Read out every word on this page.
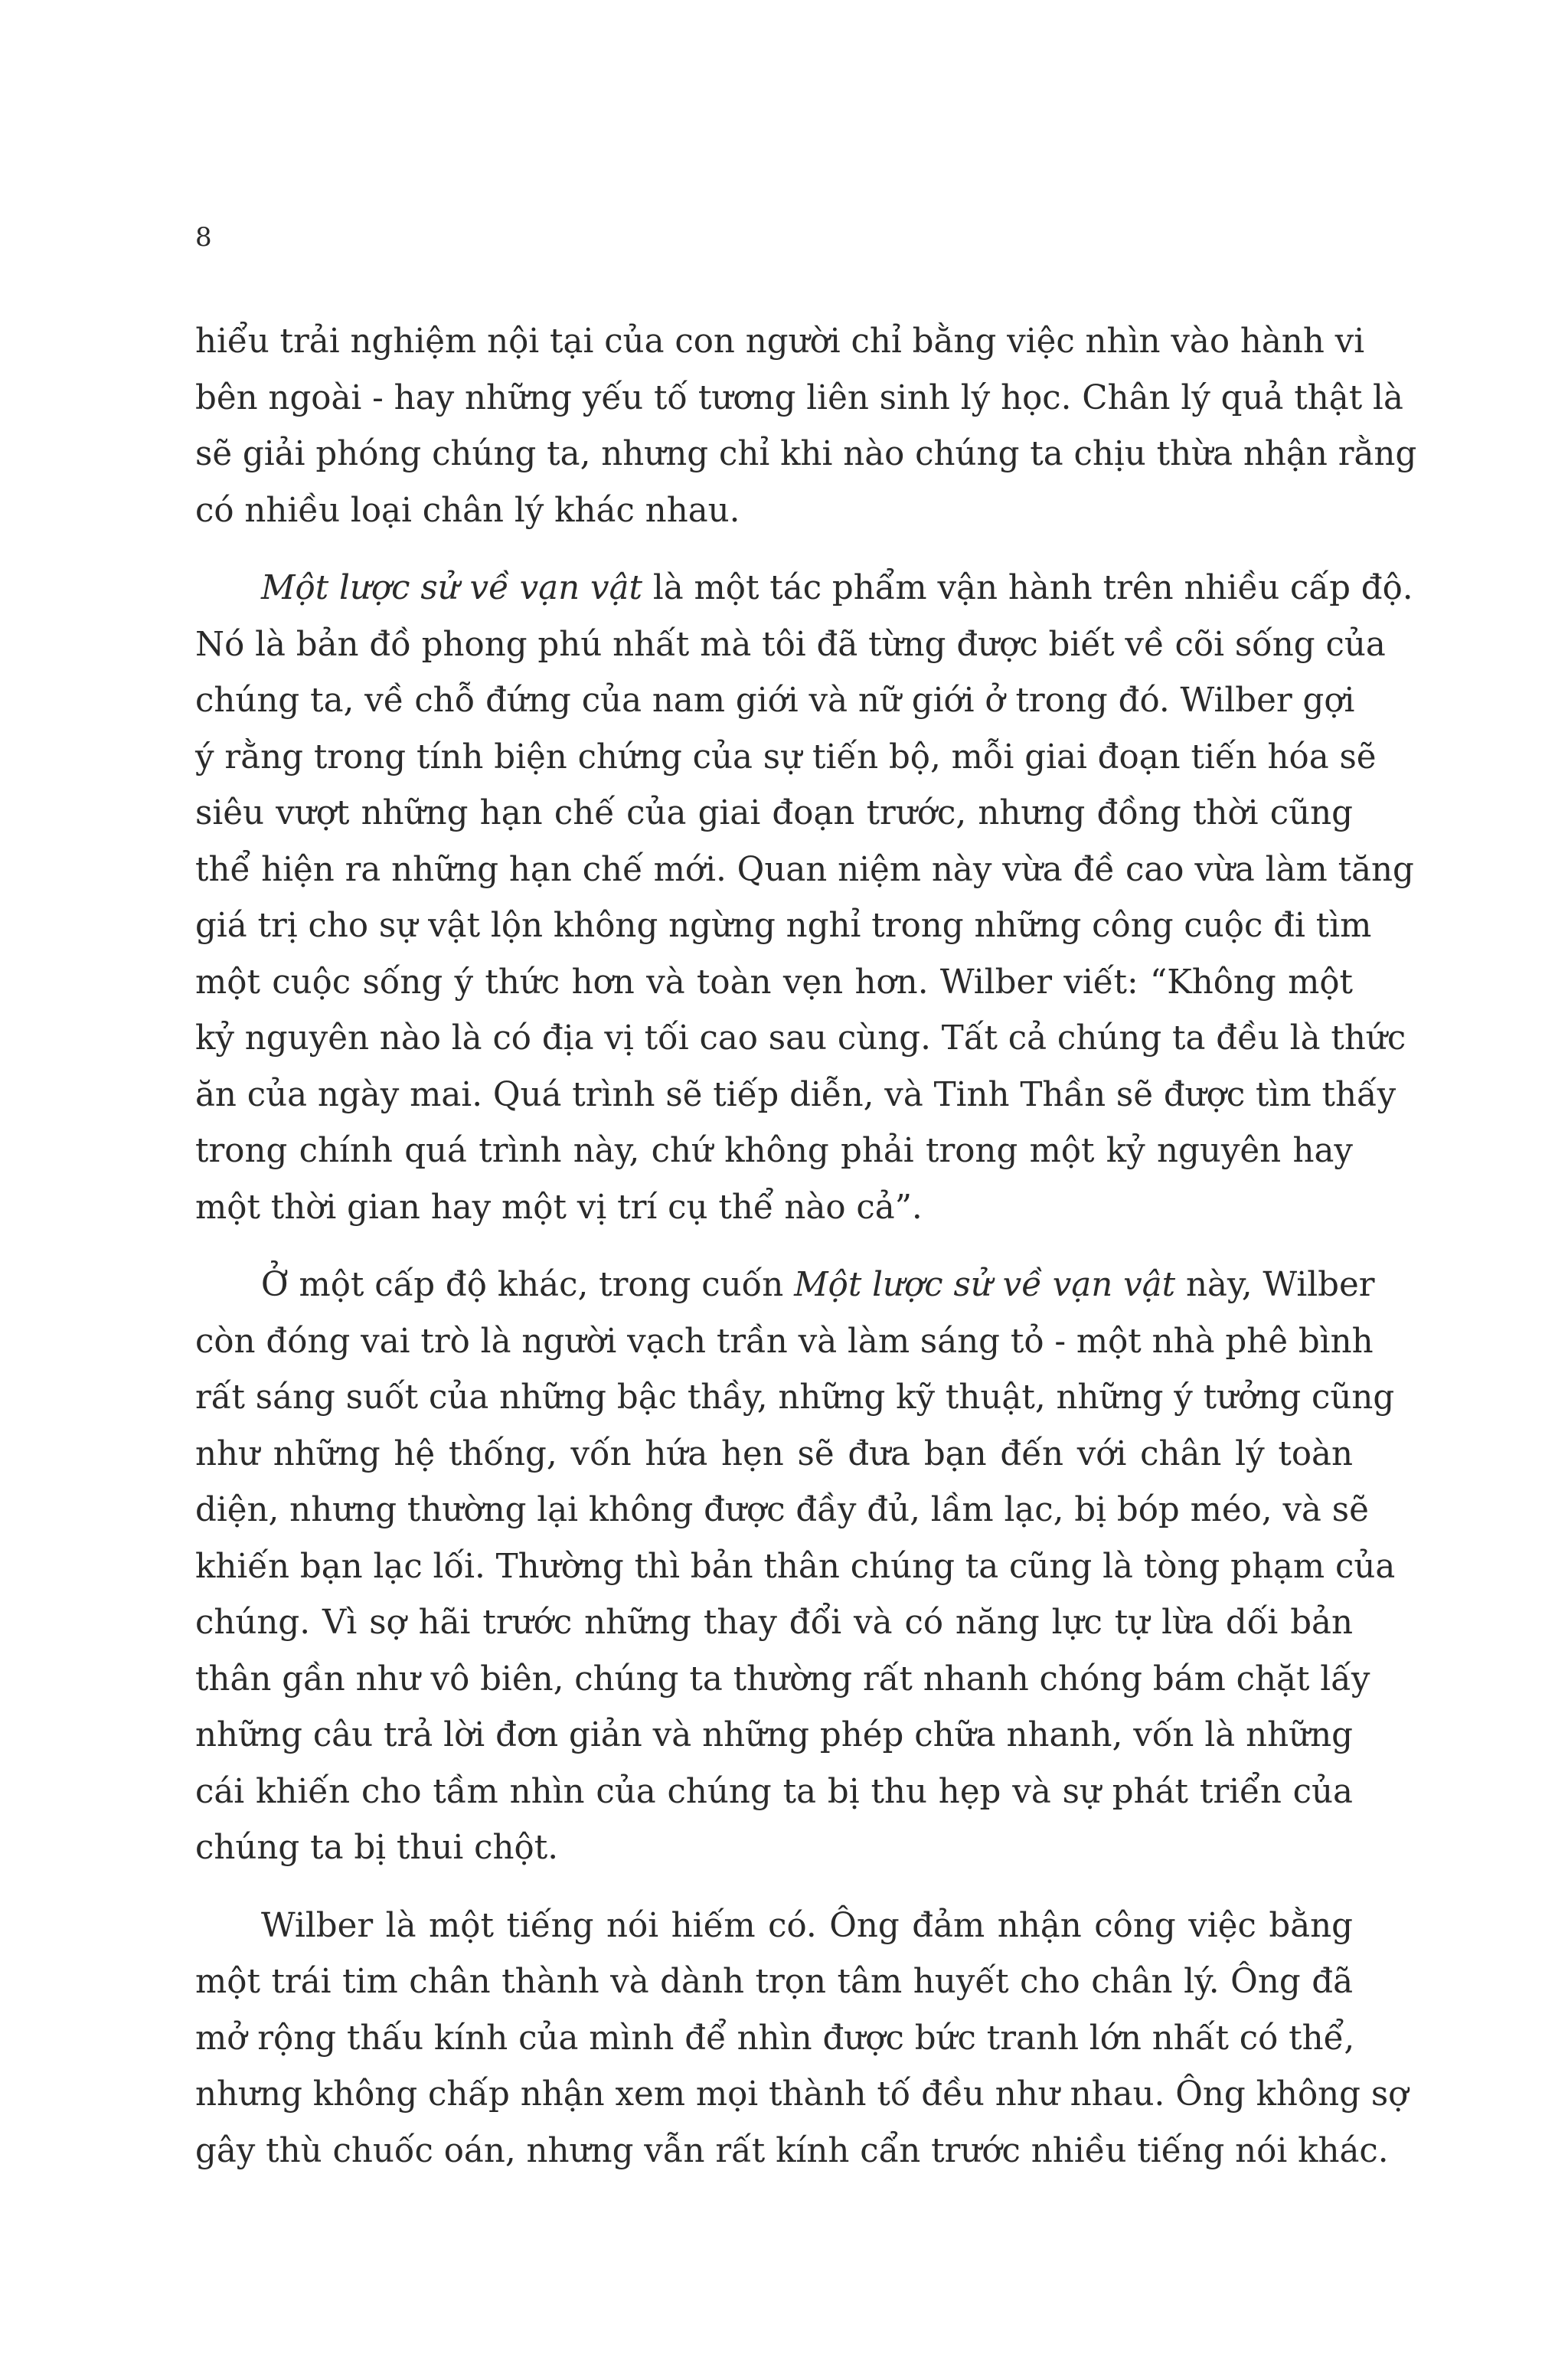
8
hiểu trải nghiệm nội tại của con người chỉ bằng việc nhìn vào hành vi
bên ngoài - hay những yếu tố tương liên sinh lý học. Chân lý quả thật là
sẽ giải phóng chúng ta, nhưng chỉ khi nào chúng ta chịu thừa nhận rằng
có nhiều loại chân lý khác nhau.
Một lược sử về vạn vật là một tác phẩm vận hành trên nhiều cấp độ.
Nó là bản đồ phong phú nhất mà tôi đã từng được biết về cõi sống của
chúng ta, về chỗ đứng của nam giới và nữ giới ở trong đó. Wilber gợi
ý rằng trong tính biện chứng của sự tiến bộ, mỗi giai đoạn tiến hóa sẽ
siêu vượt những hạn chế của giai đoạn trước, nhưng đồng thời cũng
thể hiện ra những hạn chế mới. Quan niệm này vừa đề cao vừa làm tăng
giá trị cho sự vật lộn không ngừng nghỉ trong những công cuộc đi tìm
một cuộc sống ý thức hơn và toàn vẹn hơn. Wilber viết: “Không một
kỷ nguyên nào là có địa vị tối cao sau cùng. Tất cả chúng ta đều là thức
ăn của ngày mai. Quá trình sẽ tiếp diễn, và Tinh Thần sẽ được tìm thấy
trong chính quá trình này, chứ không phải trong một kỷ nguyên hay
một thời gian hay một vị trí cụ thể nào cả”.
Ở một cấp độ khác, trong cuốn Một lược sử về vạn vật này, Wilber
còn đóng vai trò là người vạch trần và làm sáng tỏ - một nhà phê bình
rất sáng suốt của những bậc thầy, những kỹ thuật, những ý tưởng cũng
như những hệ thống, vốn hứa hẹn sẽ đưa bạn đến với chân lý toàn
diện, nhưng thường lại không được đầy đủ, lầm lạc, bị bóp méo, và sẽ
khiến bạn lạc lối. Thường thì bản thân chúng ta cũng là tòng phạm của
chúng. Vì sợ hãi trước những thay đổi và có năng lực tự lừa dối bản
thân gần như vô biên, chúng ta thường rất nhanh chóng bám chặt lấy
những câu trả lời đơn giản và những phép chữa nhanh, vốn là những
cái khiến cho tầm nhìn của chúng ta bị thu hẹp và sự phát triển của
chúng ta bị thui chột.
Wilber là một tiếng nói hiếm có. Ông đảm nhận công việc bằng
một trái tim chân thành và dành trọn tâm huyết cho chân lý. Ông đã
mở rộng thấu kính của mình để nhìn được bức tranh lớn nhất có thể,
nhưng không chấp nhận xem mọi thành tố đều như nhau. Ông không sợ
gây thù chuốc oán, nhưng vẫn rất kính cẩn trước nhiều tiếng nói khác.
